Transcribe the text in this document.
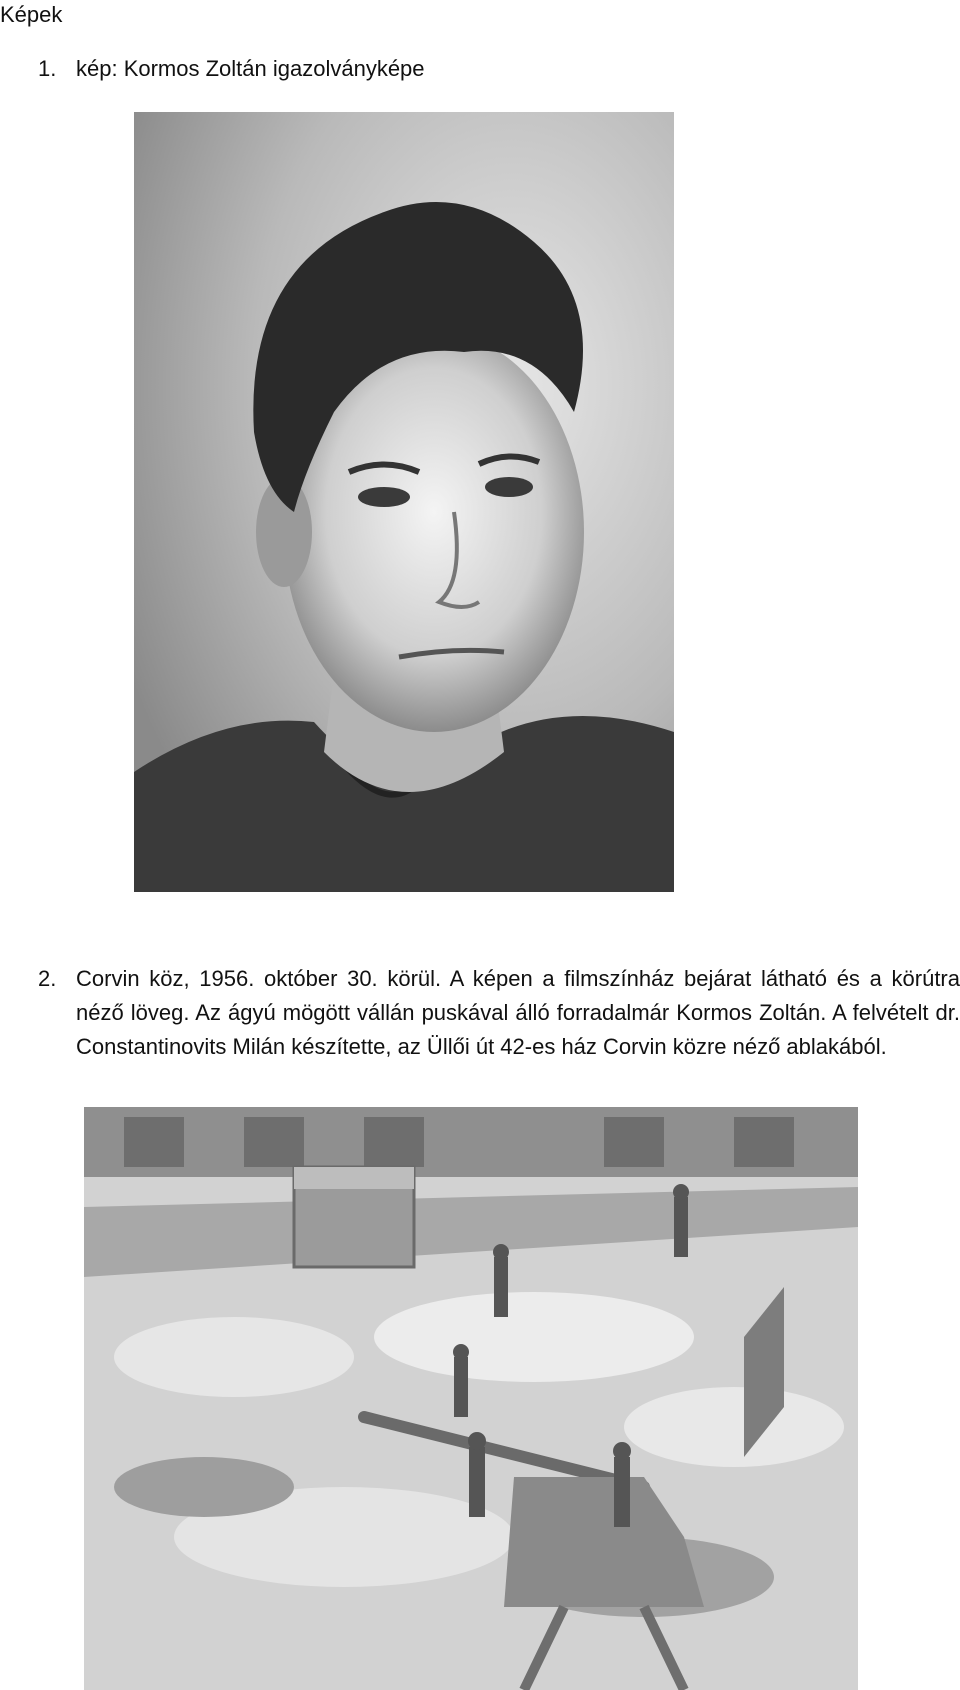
Képek
1. kép: Kormos Zoltán igazolványképe
2. Corvin köz, 1956. október 30. körül. A képen a filmszínház bejárat látható és a körútra néző löveg. Az ágyú mögött vállán puskával álló forradalmár Kormos Zoltán. A felvételt dr. Constantinovits Milán készítette, az Üllői út 42-es ház Corvin közre néző ablakából.
